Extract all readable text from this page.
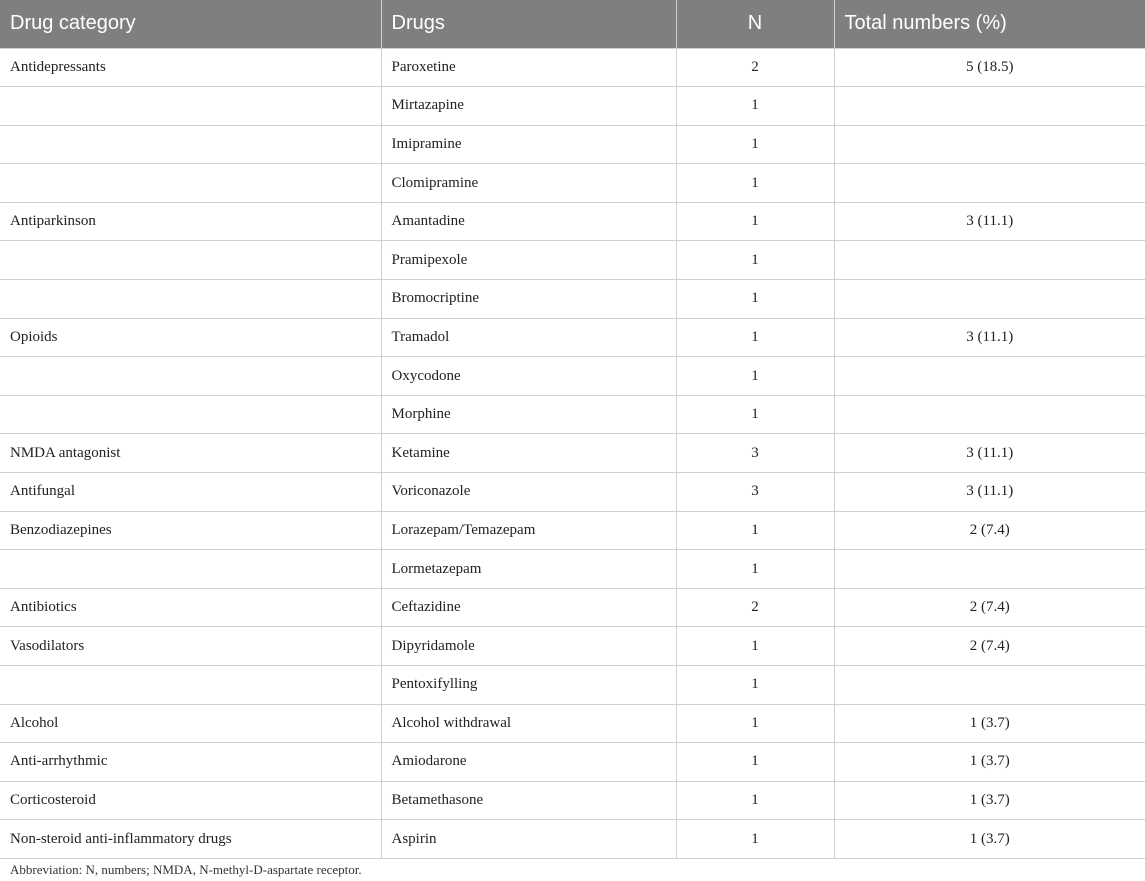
Drug category	Drugs	N	Total numbers (%)
Antidepressants	Paroxetine	2	5 (18.5)
	Mirtazapine	1	
	Imipramine	1	
	Clomipramine	1	
Antiparkinson	Amantadine	1	3 (11.1)
	Pramipexole	1	
	Bromocriptine	1	
Opioids	Tramadol	1	3 (11.1)
	Oxycodone	1	
	Morphine	1	
NMDA antagonist	Ketamine	3	3 (11.1)
Antifungal	Voriconazole	3	3 (11.1)
Benzodiazepines	Lorazepam/Temazepam	1	2 (7.4)
	Lormetazepam	1	
Antibiotics	Ceftazidine	2	2 (7.4)
Vasodilators	Dipyridamole	1	2 (7.4)
	Pentoxifylling	1	
Alcohol	Alcohol withdrawal	1	1 (3.7)
Anti-arrhythmic	Amiodarone	1	1 (3.7)
Corticosteroid	Betamethasone	1	1 (3.7)
Non-steroid anti-inflammatory drugs	Aspirin	1	1 (3.7)
Abbreviation: N, numbers; NMDA, N-methyl-D-aspartate receptor.
